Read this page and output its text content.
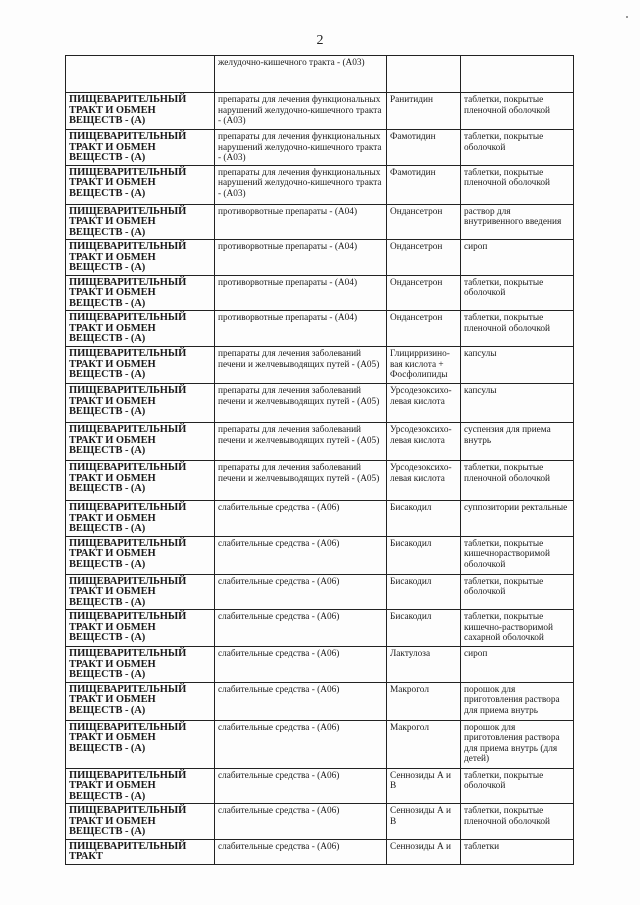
2
	желудочно-кишечного тракта - (A03)		
ПИЩЕВАРИТЕЛЬНЫЙ ТРАКТ И ОБМЕН ВЕЩЕСТВ - (А)	препараты для лечения функциональных нарушений желудочно-кишечного тракта - (A03)	Ранитидин	таблетки, покрытые пленочной оболочкой
ПИЩЕВАРИТЕЛЬНЫЙ ТРАКТ И ОБМЕН ВЕЩЕСТВ - (А)	препараты для лечения функциональных нарушений желудочно-кишечного тракта - (A03)	Фамотидин	таблетки, покрытые оболочкой
ПИЩЕВАРИТЕЛЬНЫЙ ТРАКТ И ОБМЕН ВЕЩЕСТВ - (А)	препараты для лечения функциональных нарушений желудочно-кишечного тракта - (A03)	Фамотидин	таблетки, покрытые пленочной оболочкой
ПИЩЕВАРИТЕЛЬНЫЙ ТРАКТ И ОБМЕН ВЕЩЕСТВ - (А)	противорвотные препараты - (A04)	Ондансетрон	раствор для внутривенного введения
ПИЩЕВАРИТЕЛЬНЫЙ ТРАКТ И ОБМЕН ВЕЩЕСТВ - (А)	противорвотные препараты - (A04)	Ондансетрон	сироп
ПИЩЕВАРИТЕЛЬНЫЙ ТРАКТ И ОБМЕН ВЕЩЕСТВ - (А)	противорвотные препараты - (A04)	Ондансетрон	таблетки, покрытые оболочкой
ПИЩЕВАРИТЕЛЬНЫЙ ТРАКТ И ОБМЕН ВЕЩЕСТВ - (А)	противорвотные препараты - (A04)	Ондансетрон	таблетки, покрытые пленочной оболочкой
ПИЩЕВАРИТЕЛЬНЫЙ ТРАКТ И ОБМЕН ВЕЩЕСТВ - (А)	препараты для лечения заболеваний печени и желчевыводящих путей - (A05)	Глицирризино-вая кислота + Фосфолипиды	капсулы
ПИЩЕВАРИТЕЛЬНЫЙ ТРАКТ И ОБМЕН ВЕЩЕСТВ - (А)	препараты для лечения заболеваний печени и желчевыводящих путей - (A05)	Урсодезоксихо-левая кислота	капсулы
ПИЩЕВАРИТЕЛЬНЫЙ ТРАКТ И ОБМЕН ВЕЩЕСТВ - (А)	препараты для лечения заболеваний печени и желчевыводящих путей - (A05)	Урсодезоксихо-левая кислота	суспензия для приема внутрь
ПИЩЕВАРИТЕЛЬНЫЙ ТРАКТ И ОБМЕН ВЕЩЕСТВ - (А)	препараты для лечения заболеваний печени и желчевыводящих путей - (A05)	Урсодезоксихо-левая кислота	таблетки, покрытые пленочной оболочкой
ПИЩЕВАРИТЕЛЬНЫЙ ТРАКТ И ОБМЕН ВЕЩЕСТВ - (А)	слабительные средства - (A06)	Бисакодил	суппозитории ректальные
ПИЩЕВАРИТЕЛЬНЫЙ ТРАКТ И ОБМЕН ВЕЩЕСТВ - (А)	слабительные средства - (A06)	Бисакодил	таблетки, покрытые кишечнорастворимой оболочкой
ПИЩЕВАРИТЕЛЬНЫЙ ТРАКТ И ОБМЕН ВЕЩЕСТВ - (А)	слабительные средства - (A06)	Бисакодил	таблетки, покрытые оболочкой
ПИЩЕВАРИТЕЛЬНЫЙ ТРАКТ И ОБМЕН ВЕЩЕСТВ - (А)	слабительные средства - (A06)	Бисакодил	таблетки, покрытые кишечно-растворимой сахарной оболочкой
ПИЩЕВАРИТЕЛЬНЫЙ ТРАКТ И ОБМЕН ВЕЩЕСТВ - (А)	слабительные средства - (A06)	Лактулоза	сироп
ПИЩЕВАРИТЕЛЬНЫЙ ТРАКТ И ОБМЕН ВЕЩЕСТВ - (А)	слабительные средства - (A06)	Макрогол	порошок для приготовления раствора для приема внутрь
ПИЩЕВАРИТЕЛЬНЫЙ ТРАКТ И ОБМЕН ВЕЩЕСТВ - (А)	слабительные средства - (A06)	Макрогол	порошок для приготовления раствора для приема внутрь (для детей)
ПИЩЕВАРИТЕЛЬНЫЙ ТРАКТ И ОБМЕН ВЕЩЕСТВ - (А)	слабительные средства - (A06)	Сеннозиды А и В	таблетки, покрытые оболочкой
ПИЩЕВАРИТЕЛЬНЫЙ ТРАКТ И ОБМЕН ВЕЩЕСТВ - (А)	слабительные средства - (A06)	Сеннозиды А и В	таблетки, покрытые пленочной оболочкой
ПИЩЕВАРИТЕЛЬНЫЙ ТРАКТ	слабительные средства - (A06)	Сеннозиды А и	таблетки
